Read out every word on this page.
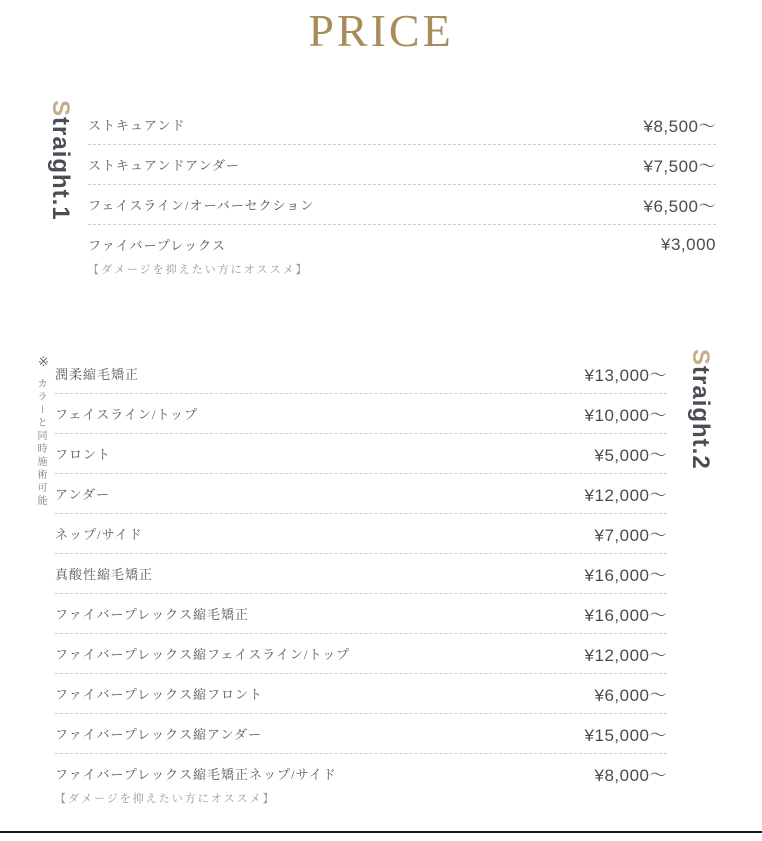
PRICE
Straight.1 ストキュアンド	¥8,500〜
ストキュアンドアンダー	¥7,500〜
フェイスライン/オーバーセクション	¥6,500〜
ファイバープレックス	¥3,000
【ダメージを抑えたい方にオススメ】
※
カラーと同時施術可能
Straight.2
潤柔縮毛矯正	¥13,000〜
フェイスライン/トップ	¥10,000〜
フロント	¥5,000〜
アンダー	¥12,000〜
ネップ/サイド	¥7,000〜
真酸性縮毛矯正	¥16,000〜
ファイバープレックス縮毛矯正	¥16,000〜
ファイバープレックス縮フェイスライン/トップ	¥12,000〜
ファイバープレックス縮フロント	¥6,000〜
ファイバープレックス縮アンダー	¥15,000〜
ファイバープレックス縮毛矯正ネップ/サイド	¥8,000〜
【ダメージを抑えたい方にオススメ】
